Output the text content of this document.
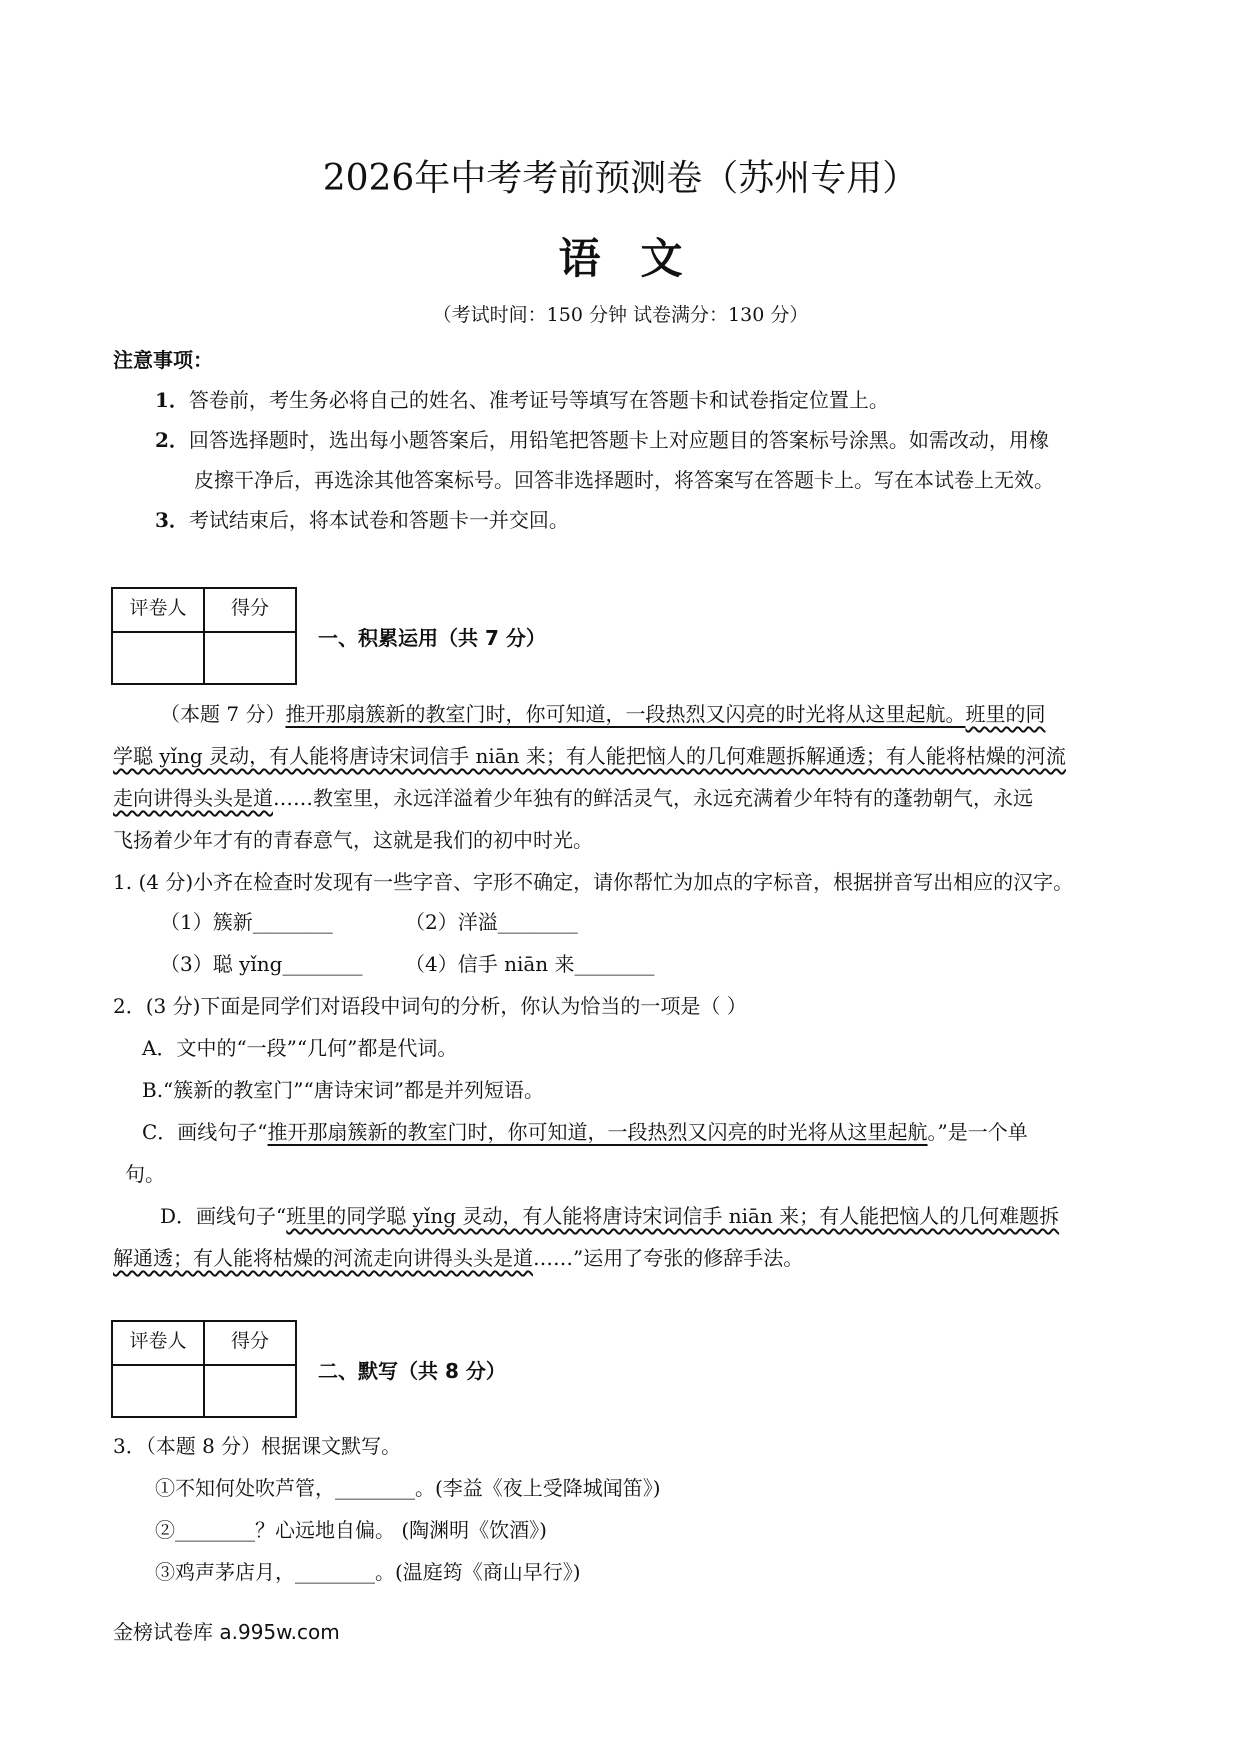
2026年中考考前预测卷（苏州专用）
语文
（考试时间：150 分钟 试卷满分：130 分）
注意事项：
1．答卷前，考生务必将自己的姓名、准考证号等填写在答题卡和试卷指定位置上。
2．回答选择题时，选出每小题答案后，用铅笔把答题卡上对应题目的答案标号涂黑。如需改动，用橡
皮擦干净后，再选涂其他答案标号。回答非选择题时，将答案写在答题卡上。写在本试卷上无效。
3．考试结束后，将本试卷和答题卡一并交回。
评卷人	得分

一、积累运用（共 7 分）
（本题 7 分）推开那扇簇新的教室门时，你可知道，一段热烈又闪亮的时光将从这里起航。班里的同
学聪 yǐng 灵动，有人能将唐诗宋词信手 niān 来；有人能把恼人的几何难题拆解通透；有人能将枯燥的河流
走向讲得头头是道……教室里，永远洋溢着少年独有的鲜活灵气，永远充满着少年特有的蓬勃朝气，永远
飞扬着少年才有的青春意气，这就是我们的初中时光。
1. (4 分)小齐在检查时发现有一些字音、字形不确定，请你帮忙为加点的字标音，根据拼音写出相应的汉字。
（1）簇新________	（2）洋溢________
（3）聪 yǐng________ （4）信手 niān 来________
2．(3 分)下面是同学们对语段中词句的分析，你认为恰当的一项是（ ）
A．文中的“一段”“几何”都是代词。
B.“簇新的教室门”“唐诗宋词”都是并列短语。
C．画线句子“推开那扇簇新的教室门时，你可知道，一段热烈又闪亮的时光将从这里起航。”是一个单
句。
D．画线句子“班里的同学聪 yǐng 灵动，有人能将唐诗宋词信手 niān 来；有人能把恼人的几何难题拆
解通透；有人能将枯燥的河流走向讲得头头是道……”运用了夸张的修辞手法。
评卷人	得分

二、默写（共 8 分）
3．（本题 8 分）根据课文默写。
①不知何处吹芦管，________。(李益《夜上受降城闻笛》)
②________？心远地自偏。 (陶渊明《饮酒》)
③鸡声茅店月，________。(温庭筠《商山早行》)
金榜试卷库 a.995w.com
